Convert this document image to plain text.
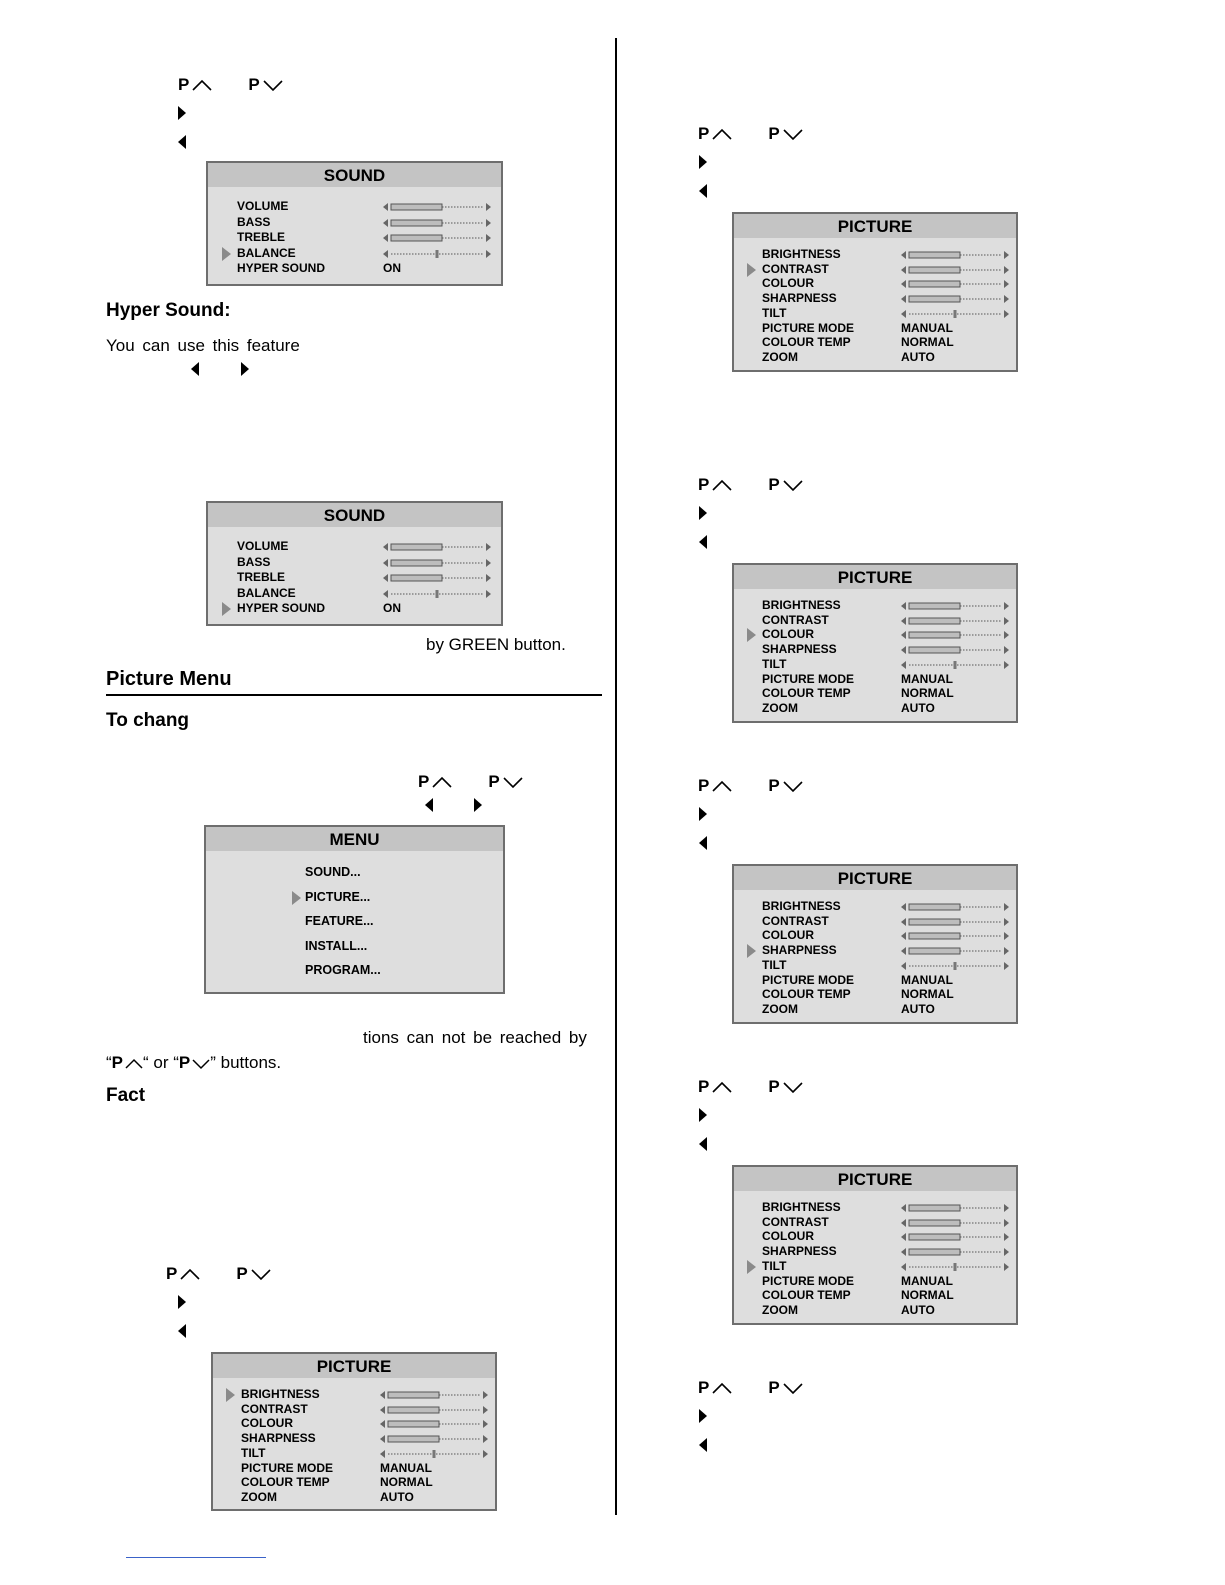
P	P
SOUND
VOLUME
BASS
TREBLE
BALANCE
HYPER SOUND	ON
Hyper Sound:
You can use this feature
SOUND
VOLUME
BASS
TREBLE
BALANCE
HYPER SOUND	ON
by GREEN button.
Picture Menu
To chang
P	P
MENU
SOUND...
PICTURE...
FEATURE...
INSTALL...
PROGRAM...
tions can not be reached by
“ P “ or “ P ” buttons.
Fact
P	P
PICTURE
BRIGHTNESS
CONTRAST
COLOUR
SHARPNESS
TILT
PICTURE MODE	MANUAL
COLOUR TEMP	NORMAL
ZOOM	AUTO
P	P
PICTURE
BRIGHTNESS
CONTRAST
COLOUR
SHARPNESS
TILT
PICTURE MODE	MANUAL
COLOUR TEMP	NORMAL
ZOOM	AUTO
P	P
PICTURE
BRIGHTNESS
CONTRAST
COLOUR
SHARPNESS
TILT
PICTURE MODE	MANUAL
COLOUR TEMP	NORMAL
ZOOM	AUTO
P	P
PICTURE
BRIGHTNESS
CONTRAST
COLOUR
SHARPNESS
TILT
PICTURE MODE	MANUAL
COLOUR TEMP	NORMAL
ZOOM	AUTO
P	P
PICTURE
BRIGHTNESS
CONTRAST
COLOUR
SHARPNESS
TILT
PICTURE MODE	MANUAL
COLOUR TEMP	NORMAL
ZOOM	AUTO
P	P
